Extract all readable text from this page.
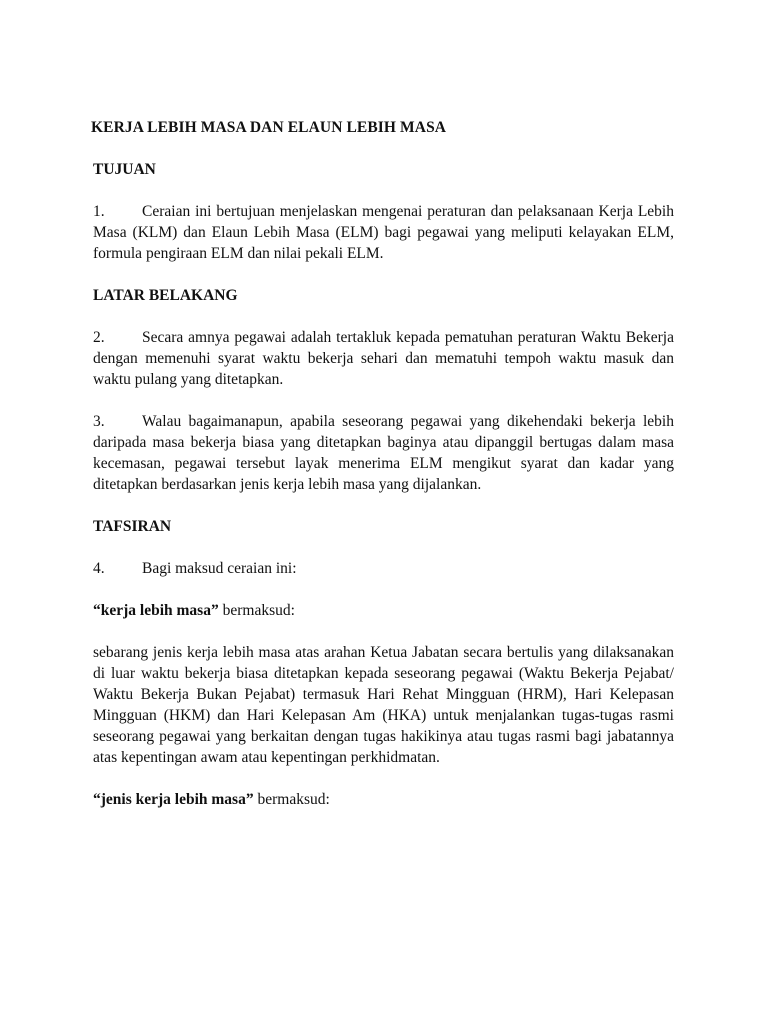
KERJA LEBIH MASA DAN ELAUN LEBIH MASA

TUJUAN

1. Ceraian ini bertujuan menjelaskan mengenai peraturan dan pelaksanaan Kerja Lebih Masa (KLM) dan Elaun Lebih Masa (ELM) bagi pegawai yang meliputi kelayakan ELM, formula pengiraan ELM dan nilai pekali ELM.

LATAR BELAKANG

2. Secara amnya pegawai adalah tertakluk kepada pematuhan peraturan Waktu Bekerja dengan memenuhi syarat waktu bekerja sehari dan mematuhi tempoh waktu masuk dan waktu pulang yang ditetapkan.

3. Walau bagaimanapun, apabila seseorang pegawai yang dikehendaki bekerja lebih daripada masa bekerja biasa yang ditetapkan baginya atau dipanggil bertugas dalam masa kecemasan, pegawai tersebut layak menerima ELM mengikut syarat dan kadar yang ditetapkan berdasarkan jenis kerja lebih masa yang dijalankan.

TAFSIRAN

4. Bagi maksud ceraian ini:

“kerja lebih masa” bermaksud:

sebarang jenis kerja lebih masa atas arahan Ketua Jabatan secara bertulis yang dilaksanakan di luar waktu bekerja biasa ditetapkan kepada seseorang pegawai (Waktu Bekerja Pejabat/ Waktu Bekerja Bukan Pejabat) termasuk Hari Rehat Mingguan (HRM), Hari Kelepasan Mingguan (HKM) dan Hari Kelepasan Am (HKA) untuk menjalankan tugas-tugas rasmi seseorang pegawai yang berkaitan dengan tugas hakikinya atau tugas rasmi bagi jabatannya atas kepentingan awam atau kepentingan perkhidmatan.

“jenis kerja lebih masa” bermaksud:
